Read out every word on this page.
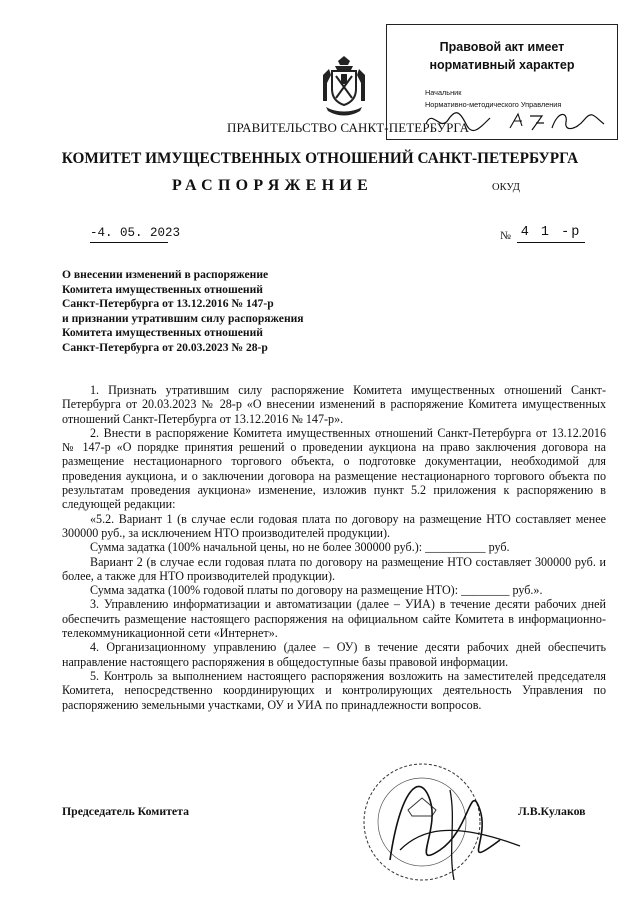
Правовой акт имеет
нормативный характер
Начальник
Нормативно-методического Управления
ПРАВИТЕЛЬСТВО САНКТ-ПЕТЕРБУРГА
КОМИТЕТ ИМУЩЕСТВЕННЫХ ОТНОШЕНИЙ САНКТ-ПЕТЕРБУРГА
РАСПОРЯЖЕНИЕ	ОКУД
-4. 05. 2023	№ 4 1 -р
О внесении изменений в распоряжение
Комитета имущественных отношений
Санкт-Петербурга от 13.12.2016 № 147-р
и признании утратившим силу распоряжения
Комитета имущественных отношений
Санкт-Петербурга от 20.03.2023 № 28-р

1. Признать утратившим силу распоряжение Комитета имущественных отношений Санкт-Петербурга от 20.03.2023 № 28-р «О внесении изменений в распоряжение Комитета имущественных отношений Санкт-Петербурга от 13.12.2016 № 147-р».

2. Внести в распоряжение Комитета имущественных отношений Санкт-Петербурга от 13.12.2016 № 147-р «О порядке принятия решений о проведении аукциона на право заключения договора на размещение нестационарного торгового объекта, о подготовке документации, необходимой для проведения аукциона, и о заключении договора на размещение нестационарного торгового объекта по результатам проведения аукциона» изменение, изложив пункт 5.2 приложения к распоряжению в следующей редакции:

«5.2. Вариант 1 (в случае если годовая плата по договору на размещение НТО составляет менее 300000 руб., за исключением НТО производителей продукции).

Сумма задатка (100% начальной цены, но не более 300000 руб.): __________ руб.

Вариант 2 (в случае если годовая плата по договору на размещение НТО составляет 300000 руб. и более, а также для НТО производителей продукции).

Сумма задатка (100% годовой платы по договору на размещение НТО): ________ руб.».

3. Управлению информатизации и автоматизации (далее – УИА) в течение десяти рабочих дней обеспечить размещение настоящего распоряжения на официальном сайте Комитета в информационно-телекоммуникационной сети «Интернет».

4. Организационному управлению (далее – ОУ) в течение десяти рабочих дней обеспечить направление настоящего распоряжения в общедоступные базы правовой информации.

5. Контроль за выполнением настоящего распоряжения возложить на заместителей председателя Комитета, непосредственно координирующих и контролирующих деятельность Управления по распоряжению земельными участками, ОУ и УИА по принадлежности вопросов.

Председатель Комитета	Л.В.Кулаков
